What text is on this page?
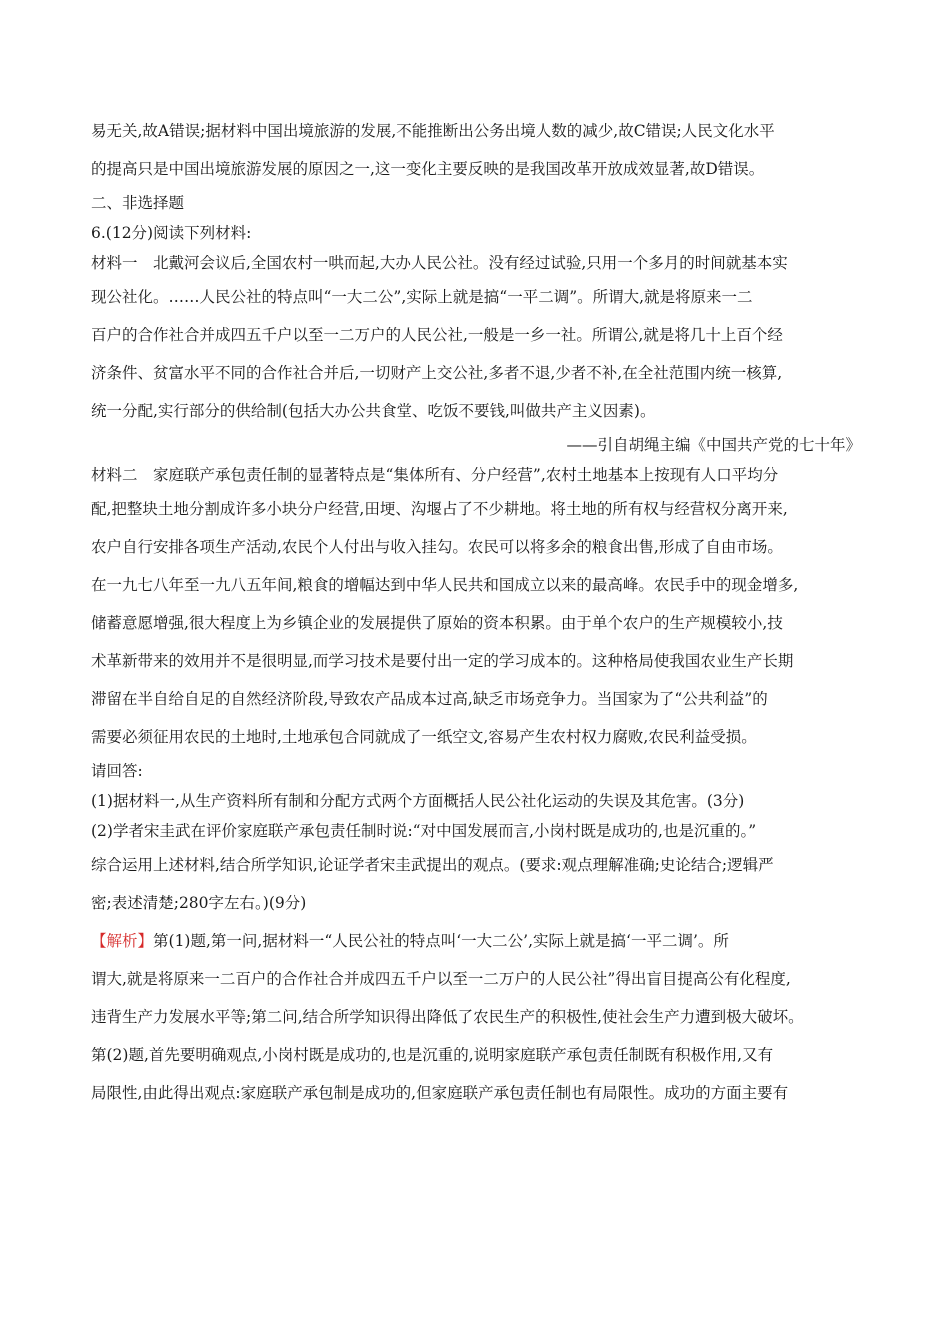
易无关,故A错误;据材料中国出境旅游的发展,不能推断出公务出境人数的减少,故C错误;人民文化水平
的提高只是中国出境旅游发展的原因之一,这一变化主要反映的是我国改革开放成效显著,故D错误。
二、非选择题
6.(12分)阅读下列材料:
材料一　北戴河会议后,全国农村一哄而起,大办人民公社。没有经过试验,只用一个多月的时间就基本实
现公社化。……人民公社的特点叫“一大二公”,实际上就是搞“一平二调”。所谓大,就是将原来一二
百户的合作社合并成四五千户以至一二万户的人民公社,一般是一乡一社。所谓公,就是将几十上百个经
济条件、贫富水平不同的合作社合并后,一切财产上交公社,多者不退,少者不补,在全社范围内统一核算,
统一分配,实行部分的供给制(包括大办公共食堂、吃饭不要钱,叫做共产主义因素)。
——引自胡绳主编《中国共产党的七十年》
材料二　家庭联产承包责任制的显著特点是“集体所有、分户经营”,农村土地基本上按现有人口平均分
配,把整块土地分割成许多小块分户经营,田埂、沟堰占了不少耕地。将土地的所有权与经营权分离开来,
农户自行安排各项生产活动,农民个人付出与收入挂勾。农民可以将多余的粮食出售,形成了自由市场。
在一九七八年至一九八五年间,粮食的增幅达到中华人民共和国成立以来的最高峰。农民手中的现金增多,
储蓄意愿增强,很大程度上为乡镇企业的发展提供了原始的资本积累。由于单个农户的生产规模较小,技
术革新带来的效用并不是很明显,而学习技术是要付出一定的学习成本的。这种格局使我国农业生产长期
滞留在半自给自足的自然经济阶段,导致农产品成本过高,缺乏市场竞争力。当国家为了“公共利益”的
需要必须征用农民的土地时,土地承包合同就成了一纸空文,容易产生农村权力腐败,农民利益受损。
请回答:
(1)据材料一,从生产资料所有制和分配方式两个方面概括人民公社化运动的失误及其危害。(3分)
(2)学者宋圭武在评价家庭联产承包责任制时说:“对中国发展而言,小岗村既是成功的,也是沉重的。”
综合运用上述材料,结合所学知识,论证学者宋圭武提出的观点。(要求:观点理解准确;史论结合;逻辑严
密;表述清楚;280字左右。)(9分)
【解析】第(1)题,第一问,据材料一“人民公社的特点叫‘一大二公’,实际上就是搞‘一平二调’。所
谓大,就是将原来一二百户的合作社合并成四五千户以至一二万户的人民公社”得出盲目提高公有化程度,
违背生产力发展水平等;第二问,结合所学知识得出降低了农民生产的积极性,使社会生产力遭到极大破坏。
第(2)题,首先要明确观点,小岗村既是成功的,也是沉重的,说明家庭联产承包责任制既有积极作用,又有
局限性,由此得出观点:家庭联产承包制是成功的,但家庭联产承包责任制也有局限性。成功的方面主要有
